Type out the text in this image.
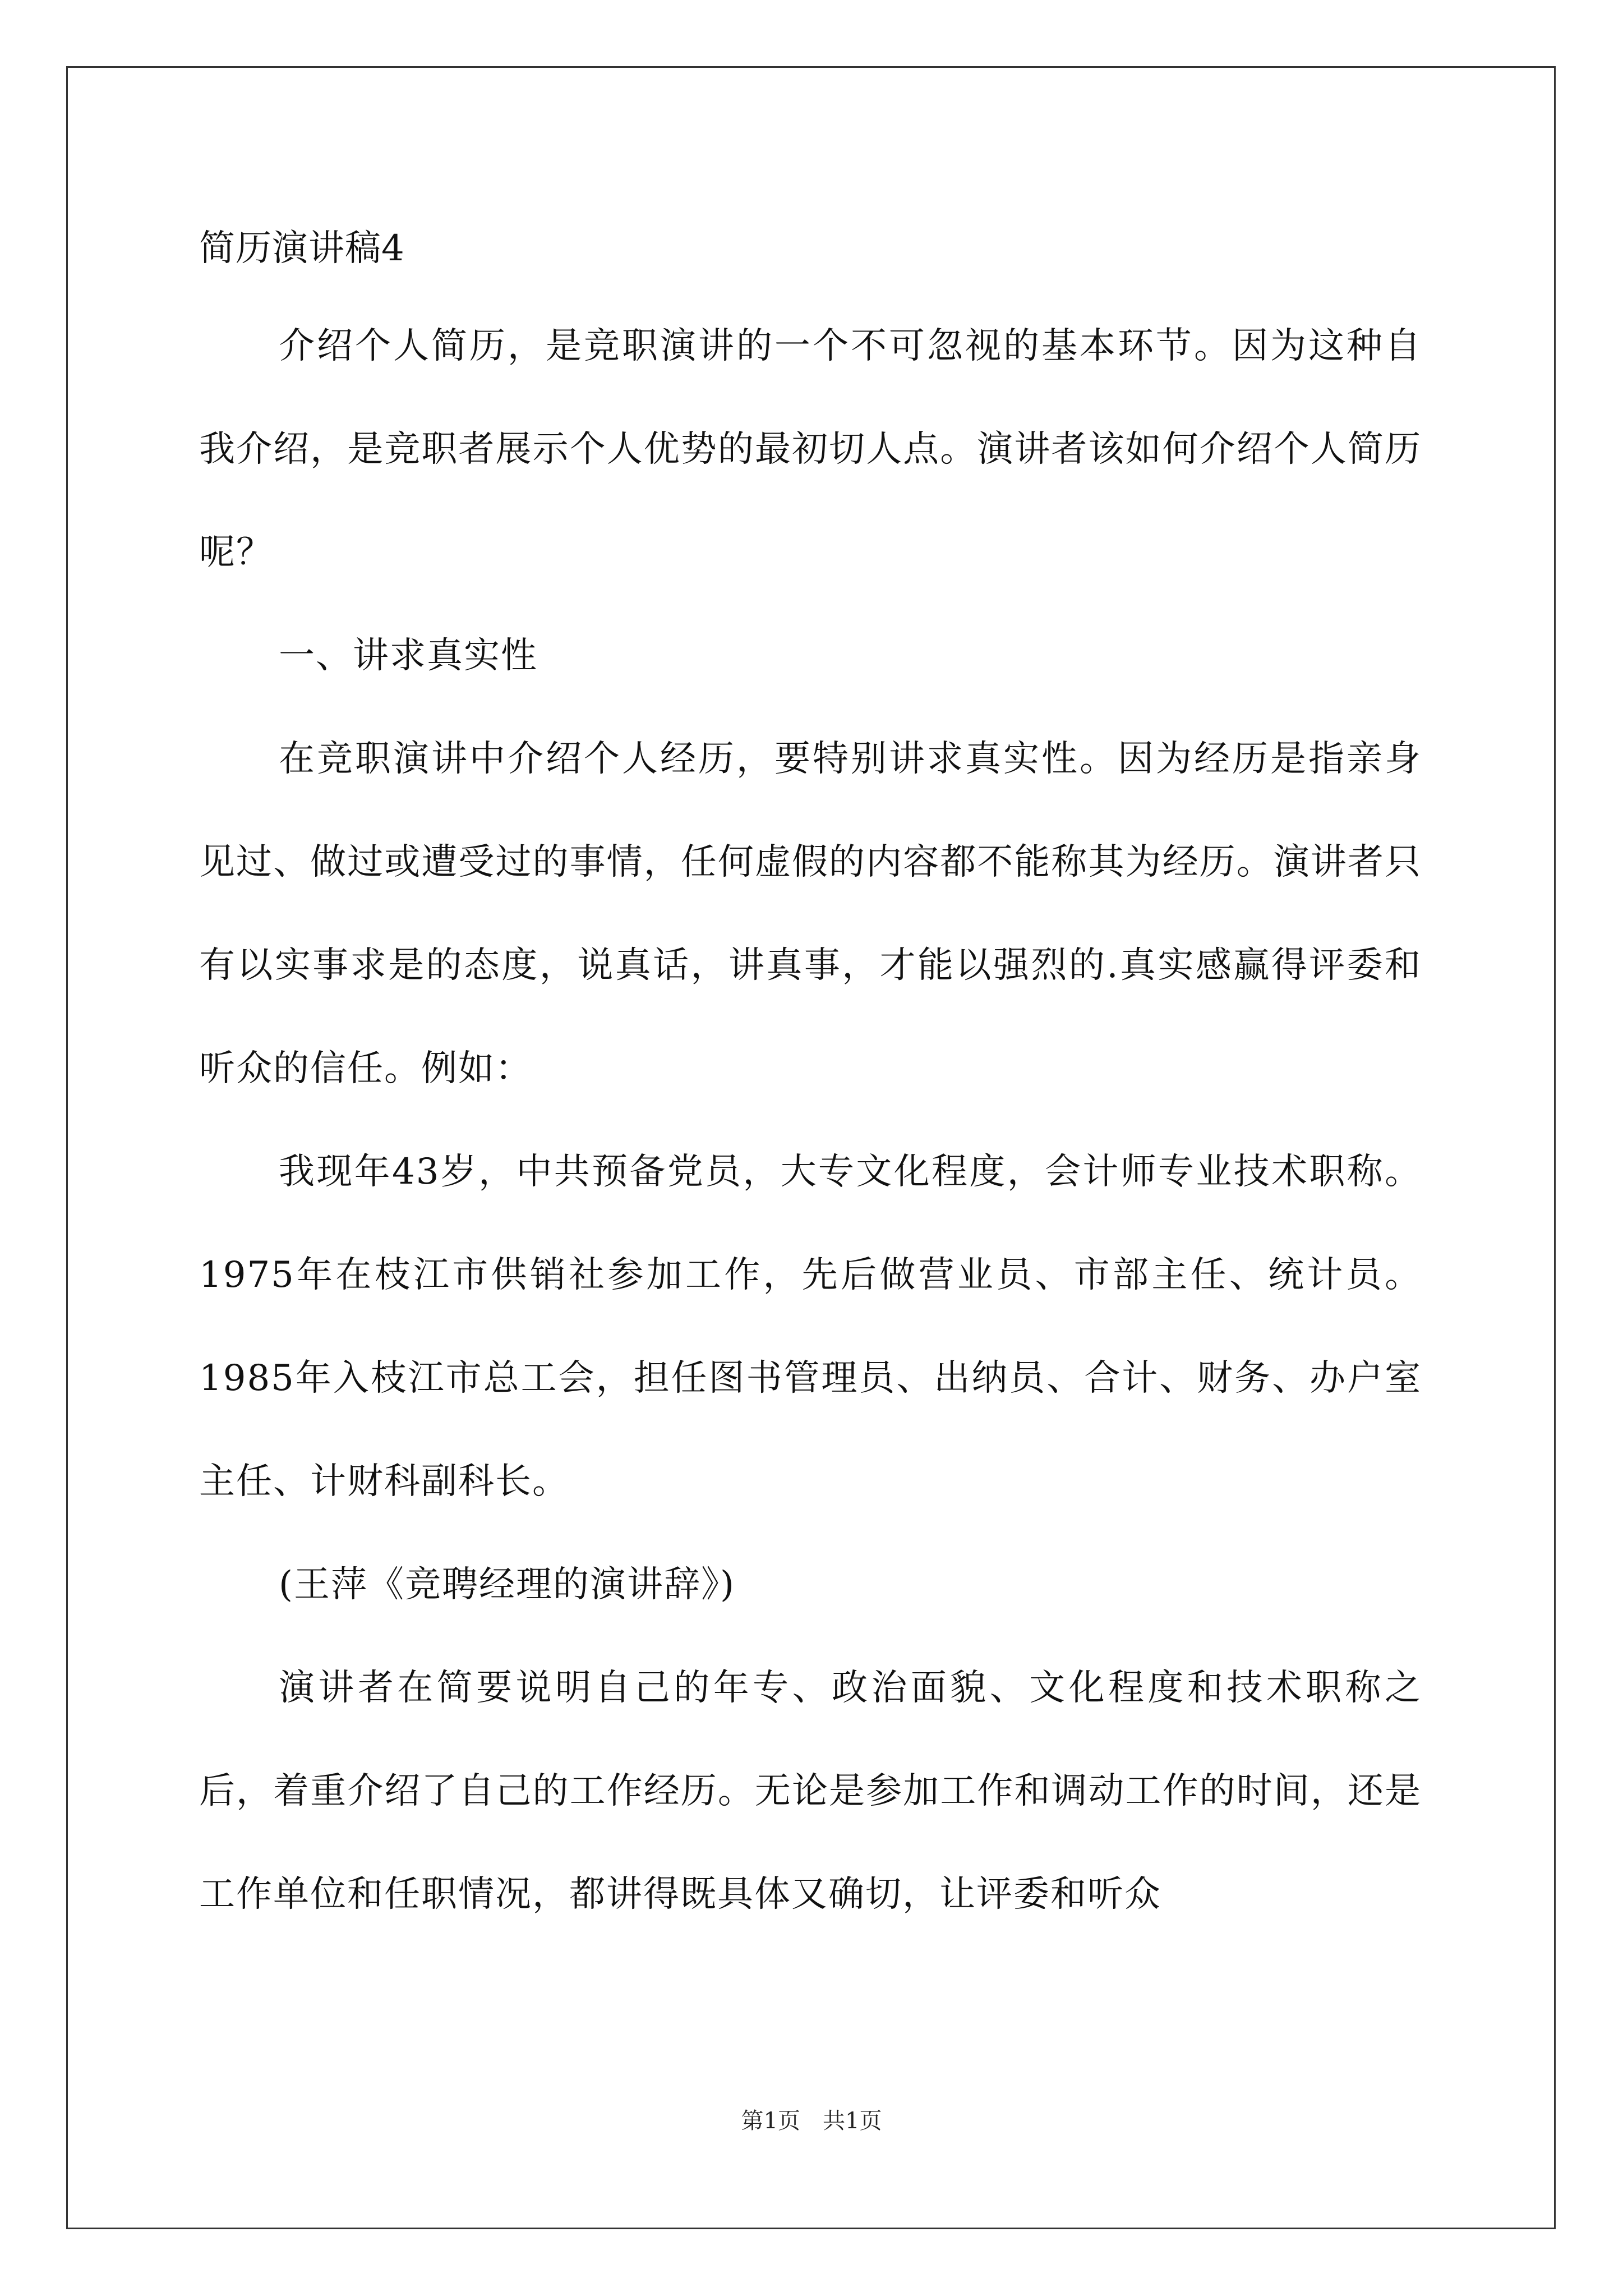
简历演讲稿4

介绍个人简历，是竞职演讲的一个不可忽视的基本环节。因为这种自我介绍，是竞职者展示个人优势的最初切人点。演讲者该如何介绍个人简历呢？

一、讲求真实性

在竞职演讲中介绍个人经历，要特别讲求真实性。因为经历是指亲身见过、做过或遭受过的事情，任何虚假的内容都不能称其为经历。演讲者只有以实事求是的态度，说真话，讲真事，才能以强烈的.真实感赢得评委和听众的信任。例如：

我现年43岁，中共预备党员，大专文化程度，会计师专业技术职称。1975年在枝江市供销社参加工作，先后做营业员、市部主任、统计员。1985年入枝江市总工会，担任图书管理员、出纳员、合计、财务、办户室主任、计财科副科长。

(王萍《竞聘经理的演讲辞》)

演讲者在简要说明自己的年专、政治面貌、文化程度和技术职称之后，着重介绍了自己的工作经历。无论是参加工作和调动工作的时间，还是工作单位和任职情况，都讲得既具体又确切，让评委和听众

第1页　共1页
